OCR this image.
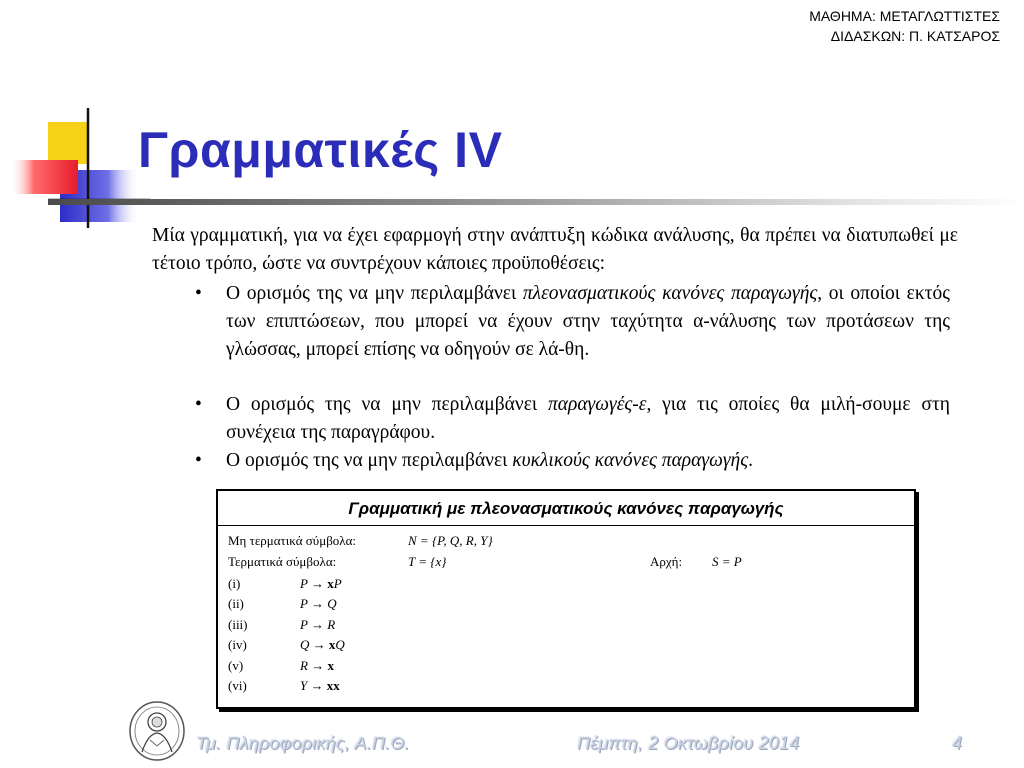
ΜΑΘΗΜΑ: ΜΕΤΑΓΛΩΤΤΙΣΤΕΣ
ΔΙΔΑΣΚΩΝ: Π. ΚΑΤΣΑΡΟΣ
Γραμματικές IV
Μία γραμματική, για να έχει εφαρμογή στην ανάπτυξη κώδικα ανάλυσης, θα πρέπει να διατυπωθεί με τέτοιο τρόπο, ώστε να συντρέχουν κάποιες προϋποθέσεις:
•	Ο ορισμός της να μην περιλαμβάνει πλεονασματικούς κανόνες παραγωγής, οι οποίοι εκτός των επιπτώσεων, που μπορεί να έχουν στην ταχύτητα α-νάλυσης των προτάσεων της γλώσσας, μπορεί επίσης να οδηγούν σε λά-θη.
•	Ο ορισμός της να μην περιλαμβάνει παραγωγές-ε, για τις οποίες θα μιλή-σουμε στη συνέχεια της παραγράφου.
•	Ο ορισμός της να μην περιλαμβάνει κυκλικούς κανόνες παραγωγής.
Γραμματική με πλεονασματικούς κανόνες παραγωγής
Μη τερματικά σύμβολα:	N = {P, Q, R, Y}
Τερματικά σύμβολα:	T = {x}	Αρχή: S = P
(i)	P → xP
(ii)	P → Q
(iii)	P → R
(iv)	Q → xQ
(v)	R → x
(vi)	Y → xx
Τμ. Πληροφορικής, Α.Π.Θ.	Πέμπτη, 2 Οκτωβρίου 2014	4
